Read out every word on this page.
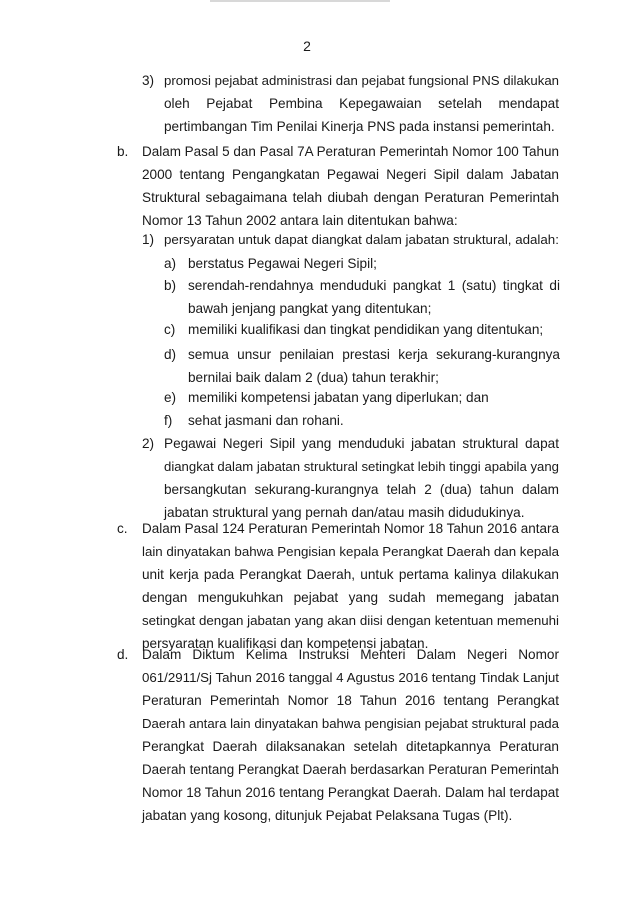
2
3) promosi pejabat administrasi dan pejabat fungsional PNS dilakukan
oleh Pejabat Pembina Kepegawaian setelah mendapat
pertimbangan Tim Penilai Kinerja PNS pada instansi pemerintah.
b. Dalam Pasal 5 dan Pasal 7A Peraturan Pemerintah Nomor 100 Tahun
2000 tentang Pengangkatan Pegawai Negeri Sipil dalam Jabatan
Struktural sebagaimana telah diubah dengan Peraturan Pemerintah
Nomor 13 Tahun 2002 antara lain ditentukan bahwa:
1) persyaratan untuk dapat diangkat dalam jabatan struktural, adalah:
a) berstatus Pegawai Negeri Sipil;
b) serendah-rendahnya menduduki pangkat 1 (satu) tingkat di
bawah jenjang pangkat yang ditentukan;
c) memiliki kualifikasi dan tingkat pendidikan yang ditentukan;
d) semua unsur penilaian prestasi kerja sekurang-kurangnya
bernilai baik dalam 2 (dua) tahun terakhir;
e) memiliki kompetensi jabatan yang diperlukan; dan
f) sehat jasmani dan rohani.
2) Pegawai Negeri Sipil yang menduduki jabatan struktural dapat
diangkat dalam jabatan struktural setingkat lebih tinggi apabila yang
bersangkutan sekurang-kurangnya telah 2 (dua) tahun dalam
jabatan struktural yang pernah dan/atau masih didudukinya.
c. Dalam Pasal 124 Peraturan Pemerintah Nomor 18 Tahun 2016 antara
lain dinyatakan bahwa Pengisian kepala Perangkat Daerah dan kepala
unit kerja pada Perangkat Daerah, untuk pertama kalinya dilakukan
dengan mengukuhkan pejabat yang sudah memegang jabatan
setingkat dengan jabatan yang akan diisi dengan ketentuan memenuhi
persyaratan kualifikasi dan kompetensi jabatan.
d. Dalam Diktum Kelima Instruksi Menteri Dalam Negeri Nomor
061/2911/Sj Tahun 2016 tanggal 4 Agustus 2016 tentang Tindak Lanjut
Peraturan Pemerintah Nomor 18 Tahun 2016 tentang Perangkat
Daerah antara lain dinyatakan bahwa pengisian pejabat struktural pada
Perangkat Daerah dilaksanakan setelah ditetapkannya Peraturan
Daerah tentang Perangkat Daerah berdasarkan Peraturan Pemerintah
Nomor 18 Tahun 2016 tentang Perangkat Daerah. Dalam hal terdapat
jabatan yang kosong, ditunjuk Pejabat Pelaksana Tugas (Plt).
